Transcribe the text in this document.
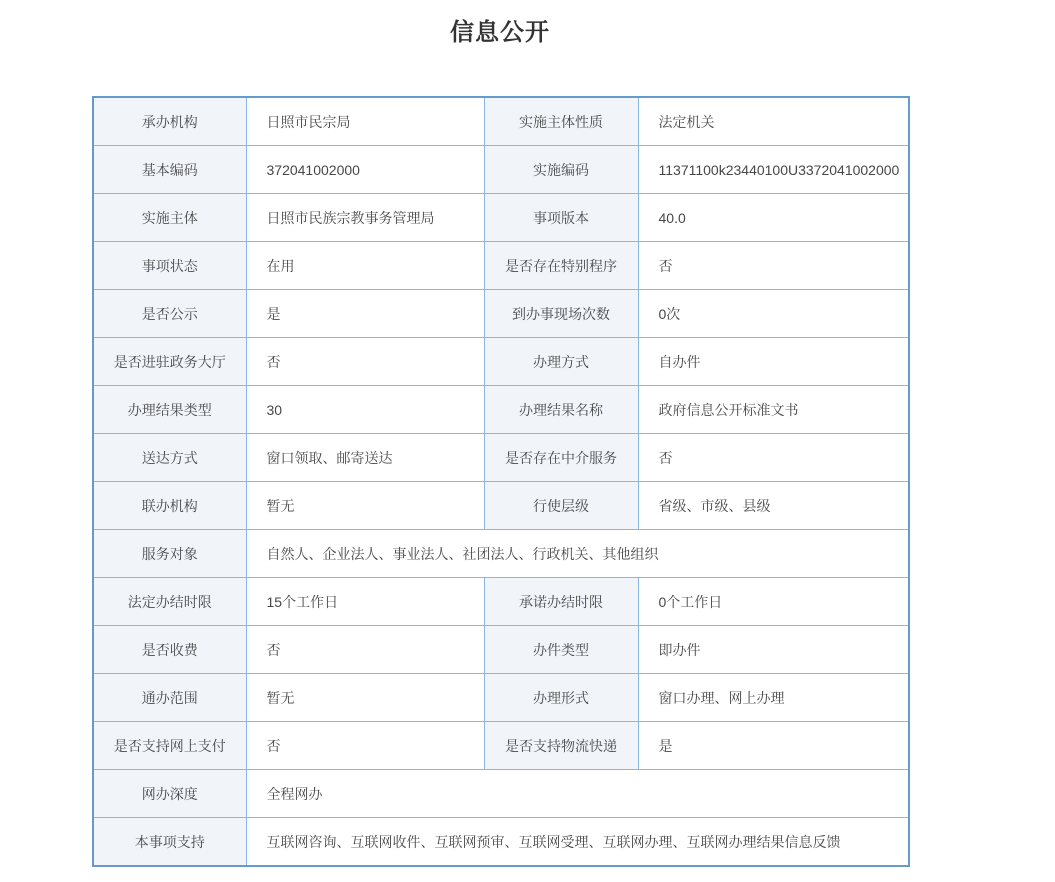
信息公开
承办机构	日照市民宗局	实施主体性质	法定机关
基本编码	372041002000	实施编码	11371100k23440100U3372041002000
实施主体	日照市民族宗教事务管理局	事项版本	40.0
事项状态	在用	是否存在特别程序	否
是否公示	是	到办事现场次数	0次
是否进驻政务大厅	否	办理方式	自办件
办理结果类型	30	办理结果名称	政府信息公开标准文书
送达方式	窗口领取、邮寄送达	是否存在中介服务	否
联办机构	暂无	行使层级	省级、市级、县级
服务对象	自然人、企业法人、事业法人、社团法人、行政机关、其他组织		
法定办结时限	15个工作日	承诺办结时限	0个工作日
是否收费	否	办件类型	即办件
通办范围	暂无	办理形式	窗口办理、网上办理
是否支持网上支付	否	是否支持物流快递	是
网办深度	全程网办		
本事项支持	互联网咨询、互联网收件、互联网预审、互联网受理、互联网办理、互联网办理结果信息反馈		
